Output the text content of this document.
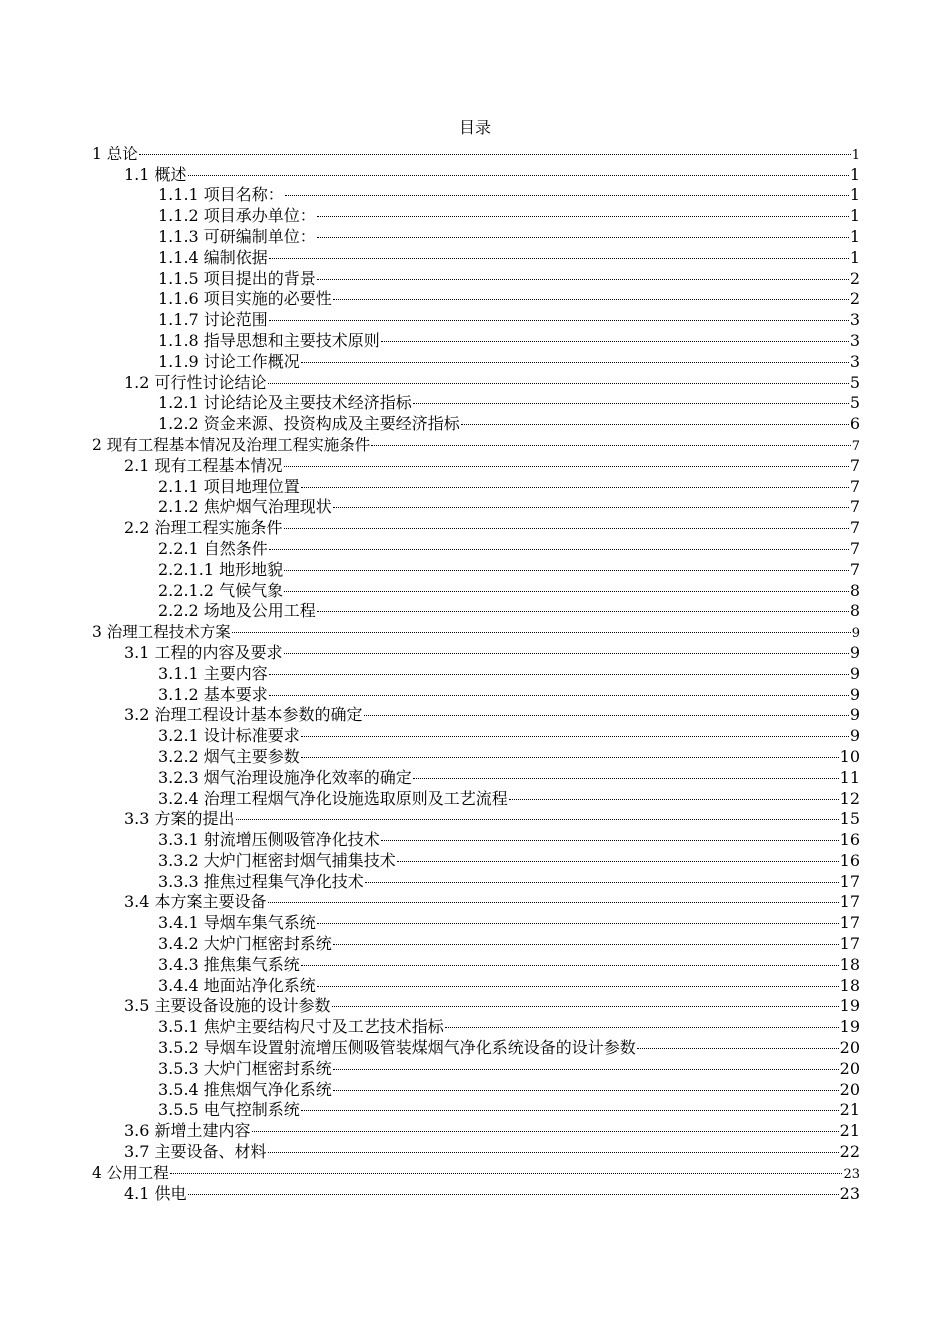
目录
1 总论	1
1.1 概述	1
1.1.1 项目名称：	1
1.1.2 项目承办单位：	1
1.1.3 可研编制单位：	1
1.1.4 编制依据	1
1.1.5 项目提出的背景	2
1.1.6 项目实施的必要性	2
1.1.7 讨论范围	3
1.1.8 指导思想和主要技术原则	3
1.1.9 讨论工作概况	3
1.2 可行性讨论结论	5
1.2.1 讨论结论及主要技术经济指标	5
1.2.2 资金来源、投资构成及主要经济指标	6
2 现有工程基本情况及治理工程实施条件	7
2.1 现有工程基本情况	7
2.1.1 项目地理位置	7
2.1.2 焦炉烟气治理现状	7
2.2 治理工程实施条件	7
2.2.1 自然条件	7
2.2.1.1 地形地貌	7
2.2.1.2 气候气象	8
2.2.2 场地及公用工程	8
3 治理工程技术方案	9
3.1 工程的内容及要求	9
3.1.1 主要内容	9
3.1.2 基本要求	9
3.2 治理工程设计基本参数的确定	9
3.2.1 设计标准要求	9
3.2.2 烟气主要参数	10
3.2.3 烟气治理设施净化效率的确定	11
3.2.4 治理工程烟气净化设施选取原则及工艺流程	12
3.3 方案的提出	15
3.3.1 射流增压侧吸管净化技术	16
3.3.2 大炉门框密封烟气捕集技术	16
3.3.3 推焦过程集气净化技术	17
3.4 本方案主要设备	17
3.4.1 导烟车集气系统	17
3.4.2 大炉门框密封系统	17
3.4.3 推焦集气系统	18
3.4.4 地面站净化系统	18
3.5 主要设备设施的设计参数	19
3.5.1 焦炉主要结构尺寸及工艺技术指标	19
3.5.2 导烟车设置射流增压侧吸管装煤烟气净化系统设备的设计参数	20
3.5.3 大炉门框密封系统	20
3.5.4 推焦烟气净化系统	20
3.5.5 电气控制系统	21
3.6 新增土建内容	21
3.7 主要设备、材料	22
4 公用工程	23
4.1 供电	23
